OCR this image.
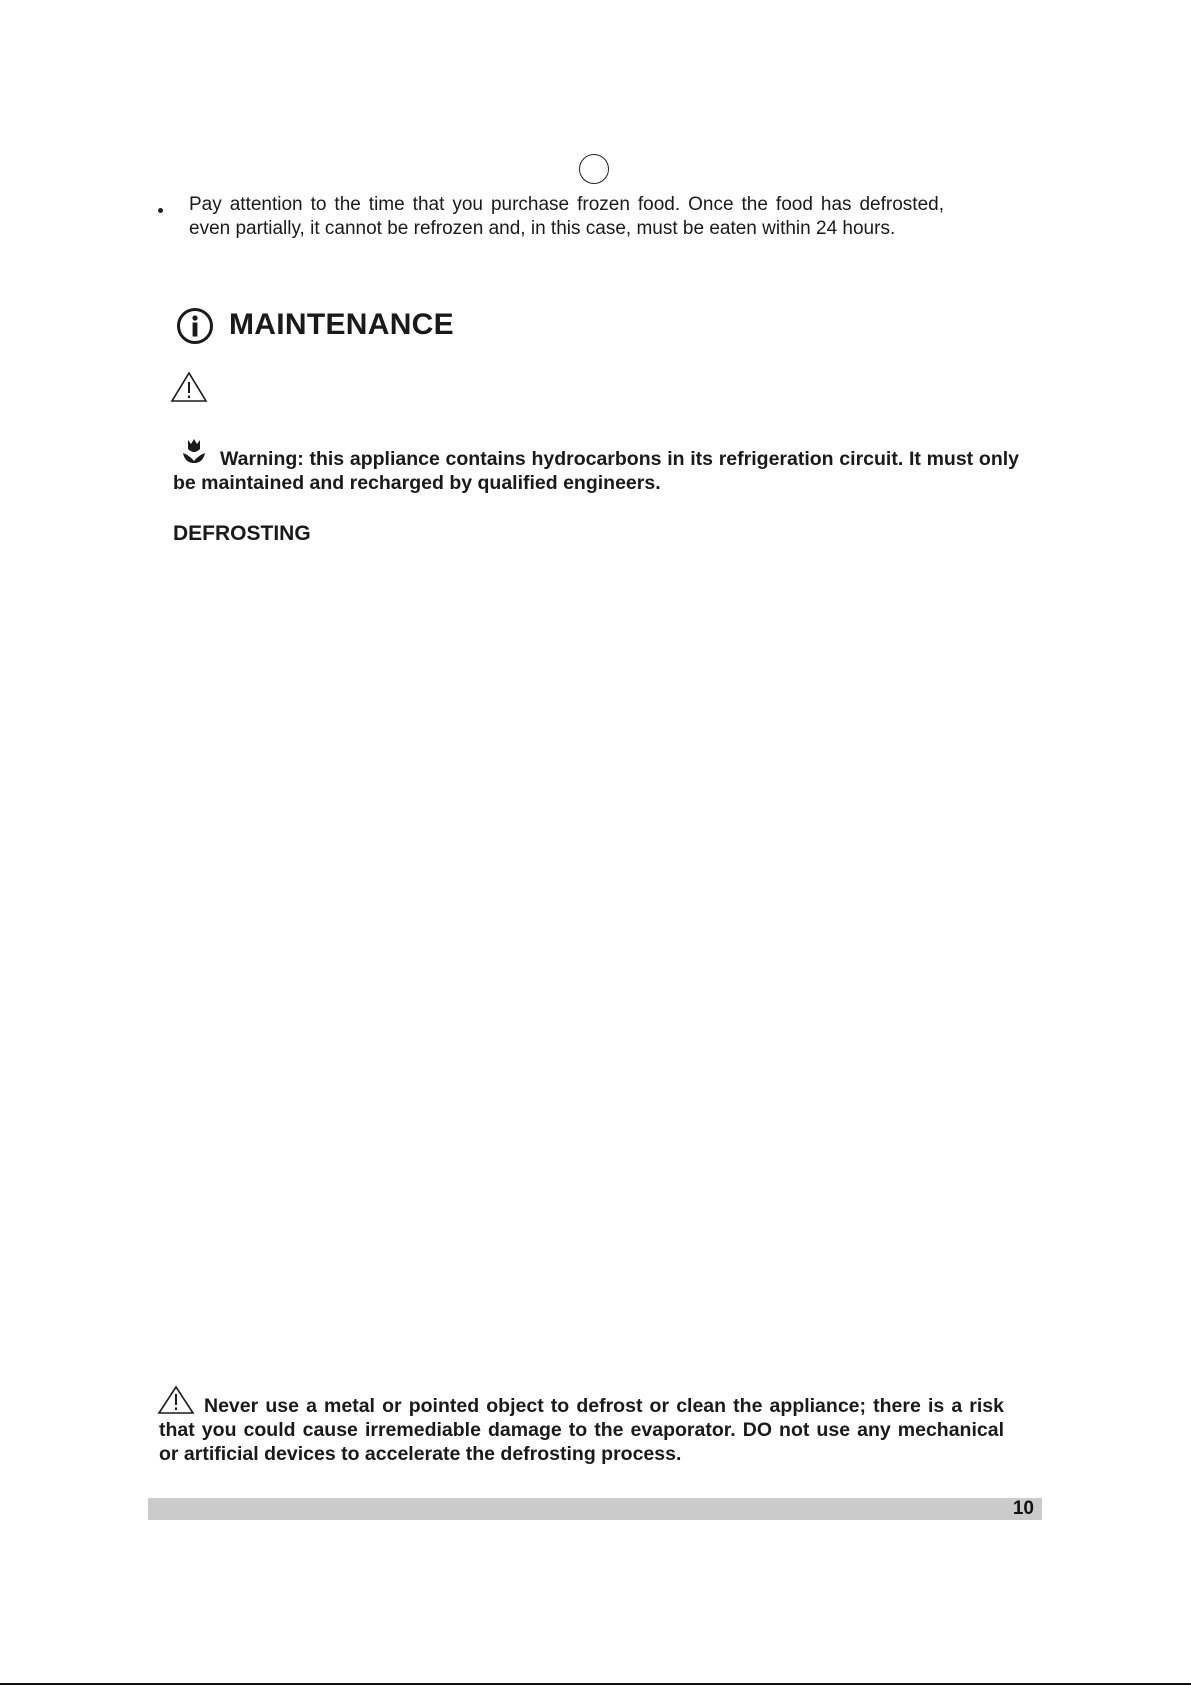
Pay attention to the time that you purchase frozen food. Once the food has defrosted, even partially, it cannot be refrozen and, in this case, must be eaten within 24 hours.
MAINTENANCE
Warning: this appliance contains hydrocarbons in its refrigeration circuit. It must only be maintained and recharged by qualified engineers.
DEFROSTING
Never use a metal or pointed object to defrost or clean the appliance; there is a risk that you could cause irremediable damage to the evaporator. DO not use any mechanical or artificial devices to accelerate the defrosting process.
10
